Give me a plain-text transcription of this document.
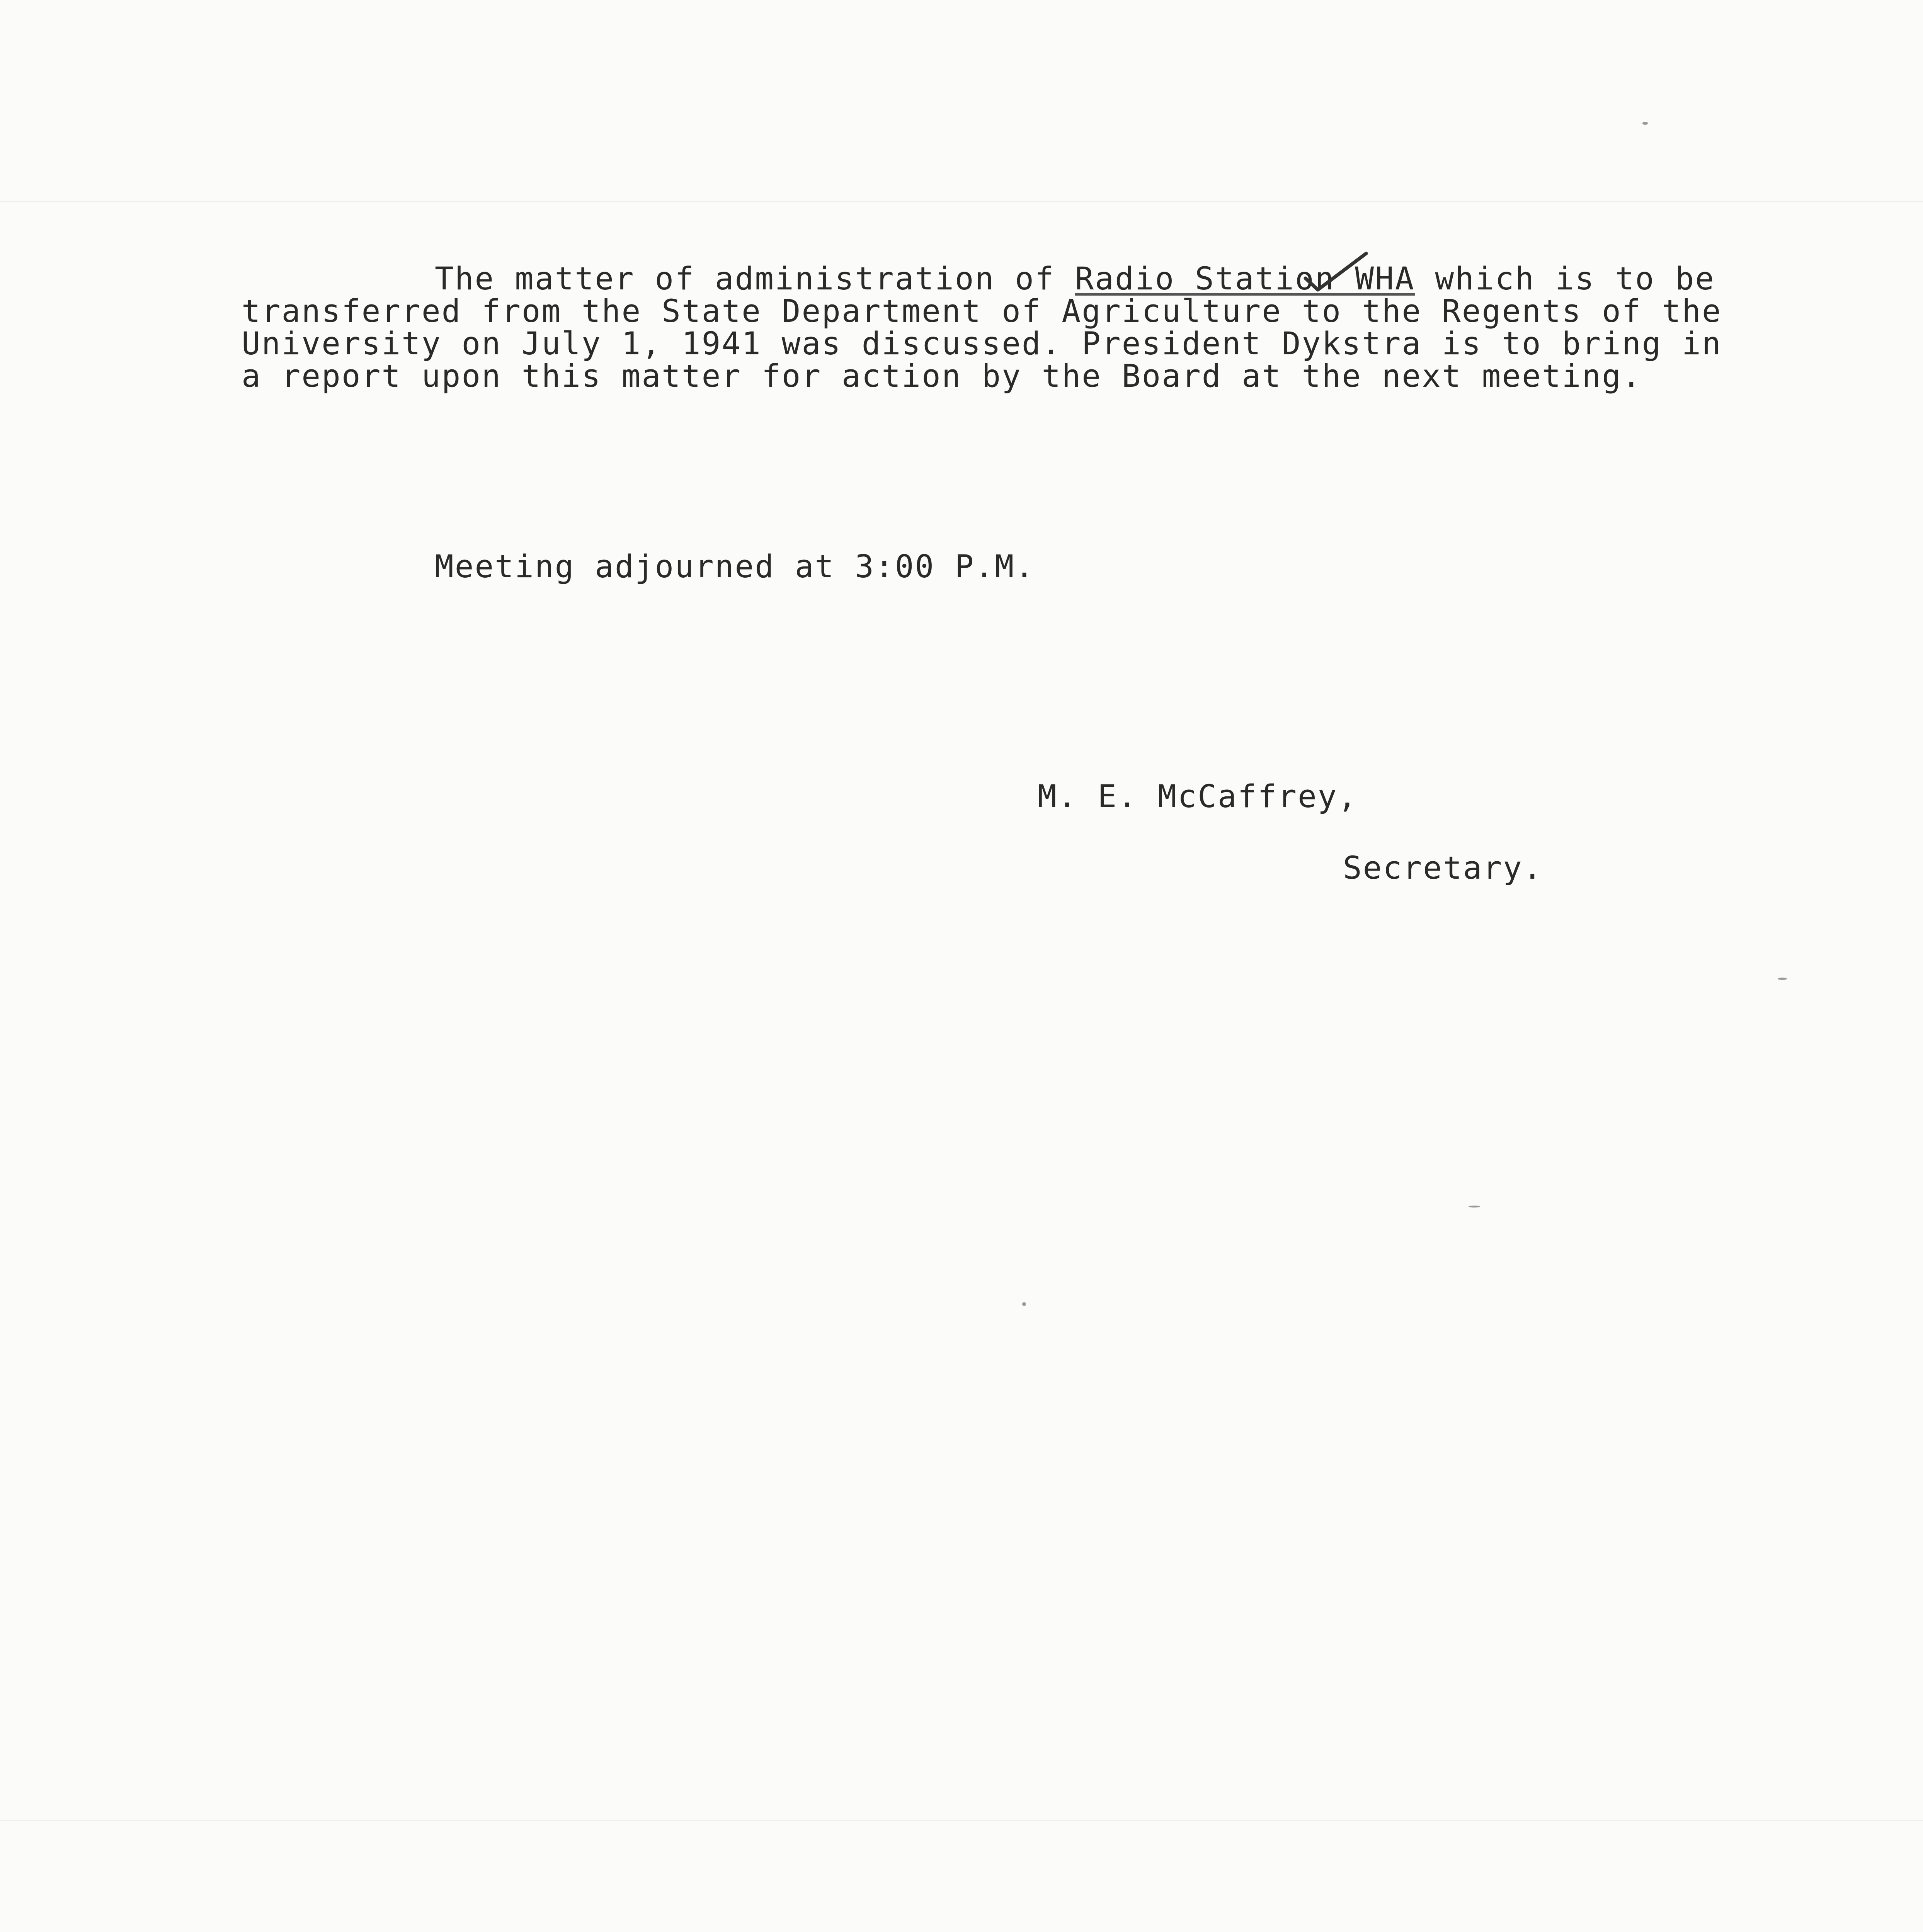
The matter of administration of Radio Station WHA which is to be
transferred from the State Department of Agriculture to the Regents of the
University on July 1, 1941 was discussed. President Dykstra is to bring in
a report upon this matter for action by the Board at the next meeting.
Meeting adjourned at 3:00 P.M.
M. E. McCaffrey,
Secretary.
